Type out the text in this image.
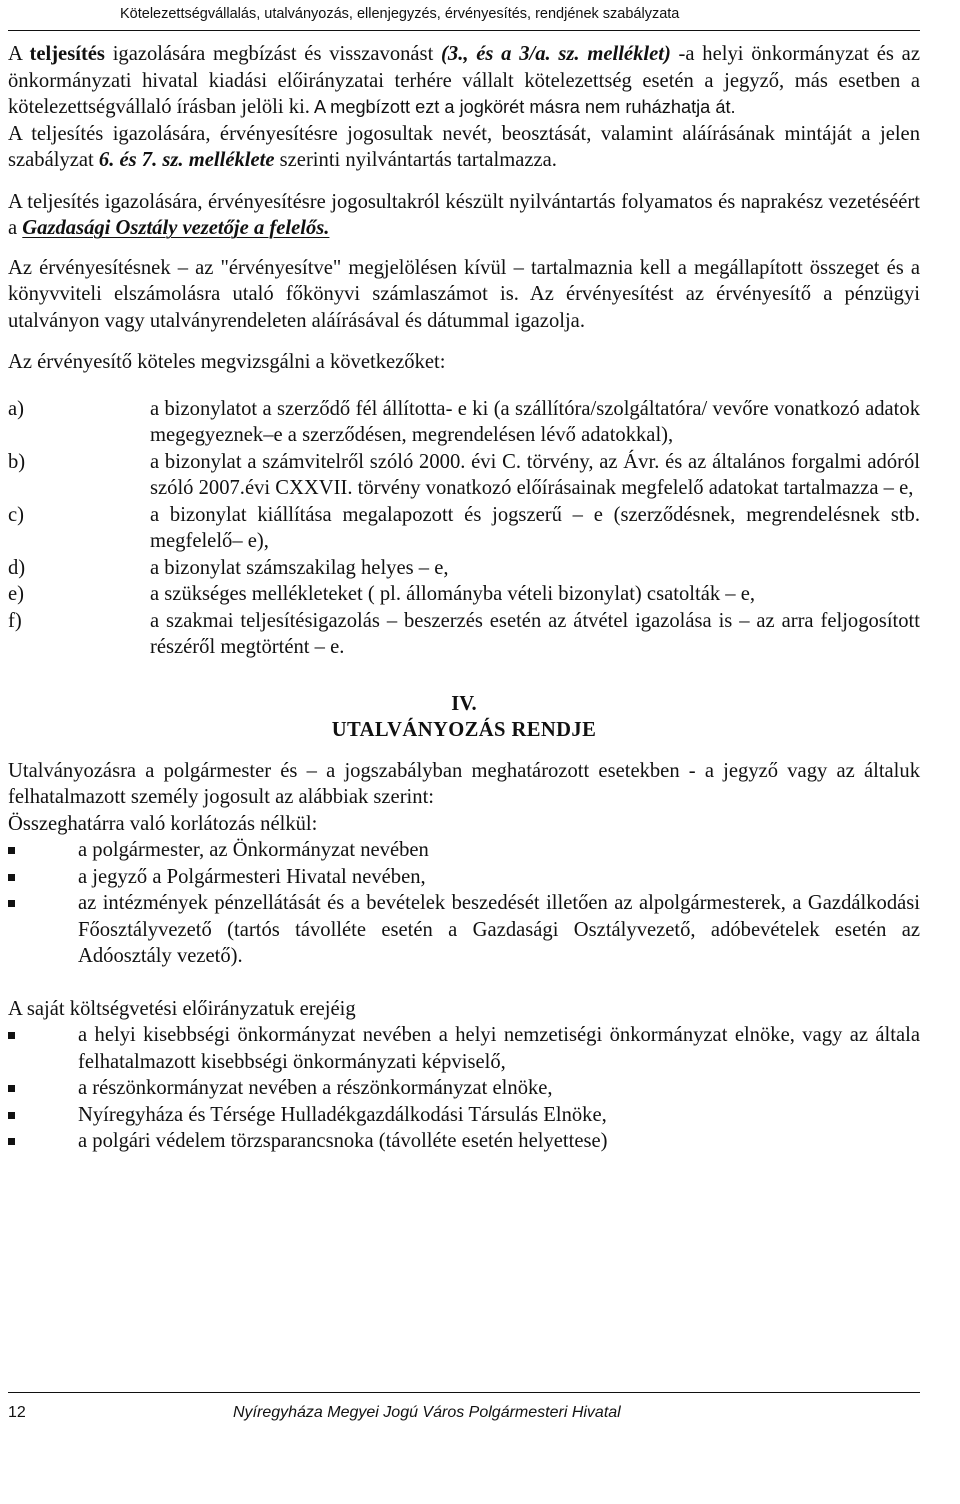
Kötelezettségvállalás, utalványozás, ellenjegyzés, érvényesítés, rendjének szabályzata

A teljesítés igazolására megbízást és visszavonást (3., és a 3/a. sz. melléklet) -a helyi önkormányzat és az önkormányzati hivatal kiadási előirányzatai terhére vállalt kötelezettség esetén a jegyző, más esetben a kötelezettségvállaló írásban jelöli ki. A megbízott ezt a jogkörét másra nem ruházhatja át.

A teljesítés igazolására, érvényesítésre jogosultak nevét, beosztását, valamint aláírásának mintáját a jelen szabályzat 6. és 7. sz. melléklete szerinti nyilvántartás tartalmazza.

A teljesítés igazolására, érvényesítésre jogosultakról készült nyilvántartás folyamatos és naprakész vezetéséért a Gazdasági Osztály vezetője a felelős.

Az érvényesítésnek – az "érvényesítve" megjelölésen kívül – tartalmaznia kell a megállapított összeget és a könyvviteli elszámolásra utaló főkönyvi számlaszámot is. Az érvényesítést az érvényesítő a pénzügyi utalványon vagy utalványrendeleten aláírásával és dátummal igazolja.

Az érvényesítő köteles megvizsgálni a következőket:

a)	a bizonylatot a szerződő fél állította- e ki (a szállítóra/szolgáltatóra/ vevőre vonatkozó adatok megegyeznek–e a szerződésen, megrendelésen lévő adatokkal),
b)	a bizonylat a számvitelről szóló 2000. évi C. törvény, az Ávr. és az általános forgalmi adóról szóló 2007.évi CXXVII. törvény vonatkozó előírásainak megfelelő adatokat tartalmazza – e,
c)	a bizonylat kiállítása megalapozott és jogszerű – e (szerződésnek, megrendelésnek stb. megfelelő– e),
d)	a bizonylat számszakilag helyes – e,
e)	a szükséges mellékleteket ( pl. állományba vételi bizonylat) csatolták – e,
f)	a szakmai teljesítésigazolás – beszerzés esetén az átvétel igazolása is – az arra feljogosított részéről megtörtént – e.
IV.
UTALVÁNYOZÁS RENDJE

Utalványozásra a polgármester és – a jogszabályban meghatározott esetekben - a jegyző vagy az általuk felhatalmazott személy jogosult az alábbiak szerint:

Összeghatárra való korlátozás nélkül:

a polgármester, az Önkormányzat nevében
a jegyző a Polgármesteri Hivatal nevében,
az intézmények pénzellátását és a bevételek beszedését illetően az alpolgármesterek, a Gazdálkodási Főosztályvezető (tartós távolléte esetén a Gazdasági Osztályvezető, adóbevételek esetén az Adóosztály vezető).

A saját költségvetési előirányzatuk erejéig

a helyi kisebbségi önkormányzat nevében a helyi nemzetiségi önkormányzat elnöke, vagy az általa felhatalmazott kisebbségi önkormányzati képviselő,
a részönkormányzat nevében a részönkormányzat elnöke,
Nyíregyháza és Térsége Hulladékgazdálkodási Társulás Elnöke,
a polgári védelem törzsparancsnoka (távolléte esetén helyettese)
12	Nyíregyháza Megyei Jogú Város Polgármesteri Hivatal
